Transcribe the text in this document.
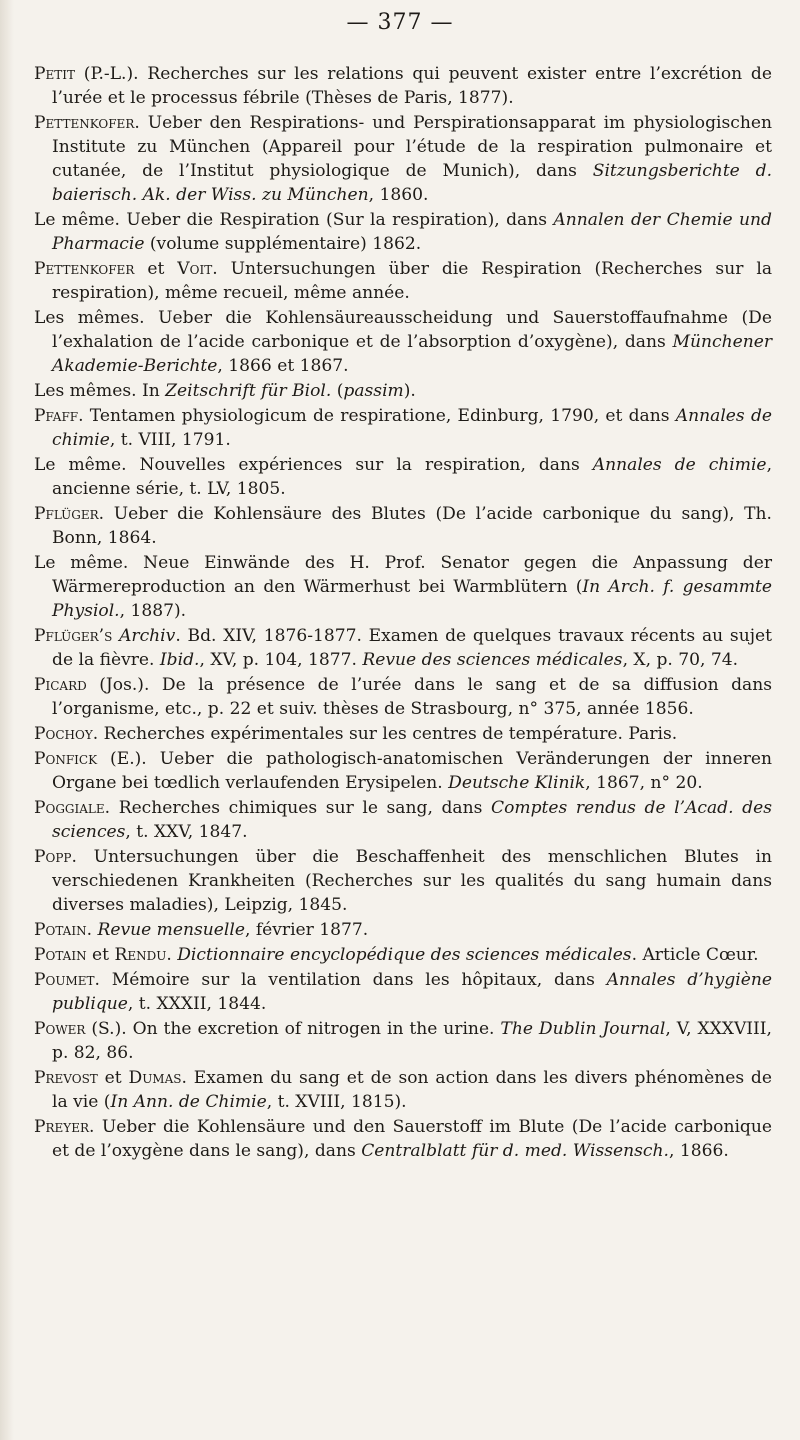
— 377 —

Petit (P.-L.). Recherches sur les relations qui peuvent exister entre l’excrétion de l’urée et le processus fébrile (Thèses de Paris, 1877).

Pettenkofer. Ueber den Respirations- und Perspirationsapparat im physiologischen Institute zu München (Appareil pour l’étude de la respiration pulmonaire et cutanée, de l’Institut physiologique de Munich), dans Sitzungsberichte d. baierisch. Ak. der Wiss. zu München, 1860.

Le même. Ueber die Respiration (Sur la respiration), dans Annalen der Chemie und Pharmacie (volume supplémentaire) 1862.

Pettenkofer et Voit. Untersuchungen über die Respiration (Recherches sur la respiration), même recueil, même année.

Les mêmes. Ueber die Kohlensäureausscheidung und Sauerstoffaufnahme (De l’exhalation de l’acide carbonique et de l’absorption d’oxygène), dans Münchener Akademie-Berichte, 1866 et 1867.

Les mêmes. In Zeitschrift für Biol. (passim).

Pfaff. Tentamen physiologicum de respiratione, Edinburg, 1790, et dans Annales de chimie, t. VIII, 1791.

Le même. Nouvelles expériences sur la respiration, dans Annales de chimie, ancienne série, t. LV, 1805.

Pflüger. Ueber die Kohlensäure des Blutes (De l’acide carbonique du sang), Th. Bonn, 1864.

Le même. Neue Einwände des H. Prof. Senator gegen die Anpassung der Wärmereproduction an den Wärmerhust bei Warmblütern (In Arch. f. gesammte Physiol., 1887).

Pflüger’s Archiv. Bd. XIV, 1876-1877. Examen de quelques travaux récents au sujet de la fièvre. Ibid., XV, p. 104, 1877. Revue des sciences médicales, X, p. 70, 74.

Picard (Jos.). De la présence de l’urée dans le sang et de sa diffusion dans l’organisme, etc., p. 22 et suiv. thèses de Strasbourg, n° 375, année 1856.

Pochoy. Recherches expérimentales sur les centres de température. Paris.

Ponfick (E.). Ueber die pathologisch-anatomischen Veränderungen der inneren Organe bei tœdlich verlaufenden Erysipelen. Deutsche Klinik, 1867, n° 20.

Poggiale. Recherches chimiques sur le sang, dans Comptes rendus de l’Acad. des sciences, t. XXV, 1847.

Popp. Untersuchungen über die Beschaffenheit des menschlichen Blutes in verschiedenen Krankheiten (Recherches sur les qualités du sang humain dans diverses maladies), Leipzig, 1845.

Potain. Revue mensuelle, février 1877.

Potain et Rendu. Dictionnaire encyclopédique des sciences médicales. Article Cœur.

Poumet. Mémoire sur la ventilation dans les hôpitaux, dans Annales d’hygiène publique, t. XXXII, 1844.

Power (S.). On the excretion of nitrogen in the urine. The Dublin Journal, V, XXXVIII, p. 82, 86.

Prevost et Dumas. Examen du sang et de son action dans les divers phénomènes de la vie (In Ann. de Chimie, t. XVIII, 1815).

Preyer. Ueber die Kohlensäure und den Sauerstoff im Blute (De l’acide carbonique et de l’oxygène dans le sang), dans Centralblatt für d. med. Wissensch., 1866.
